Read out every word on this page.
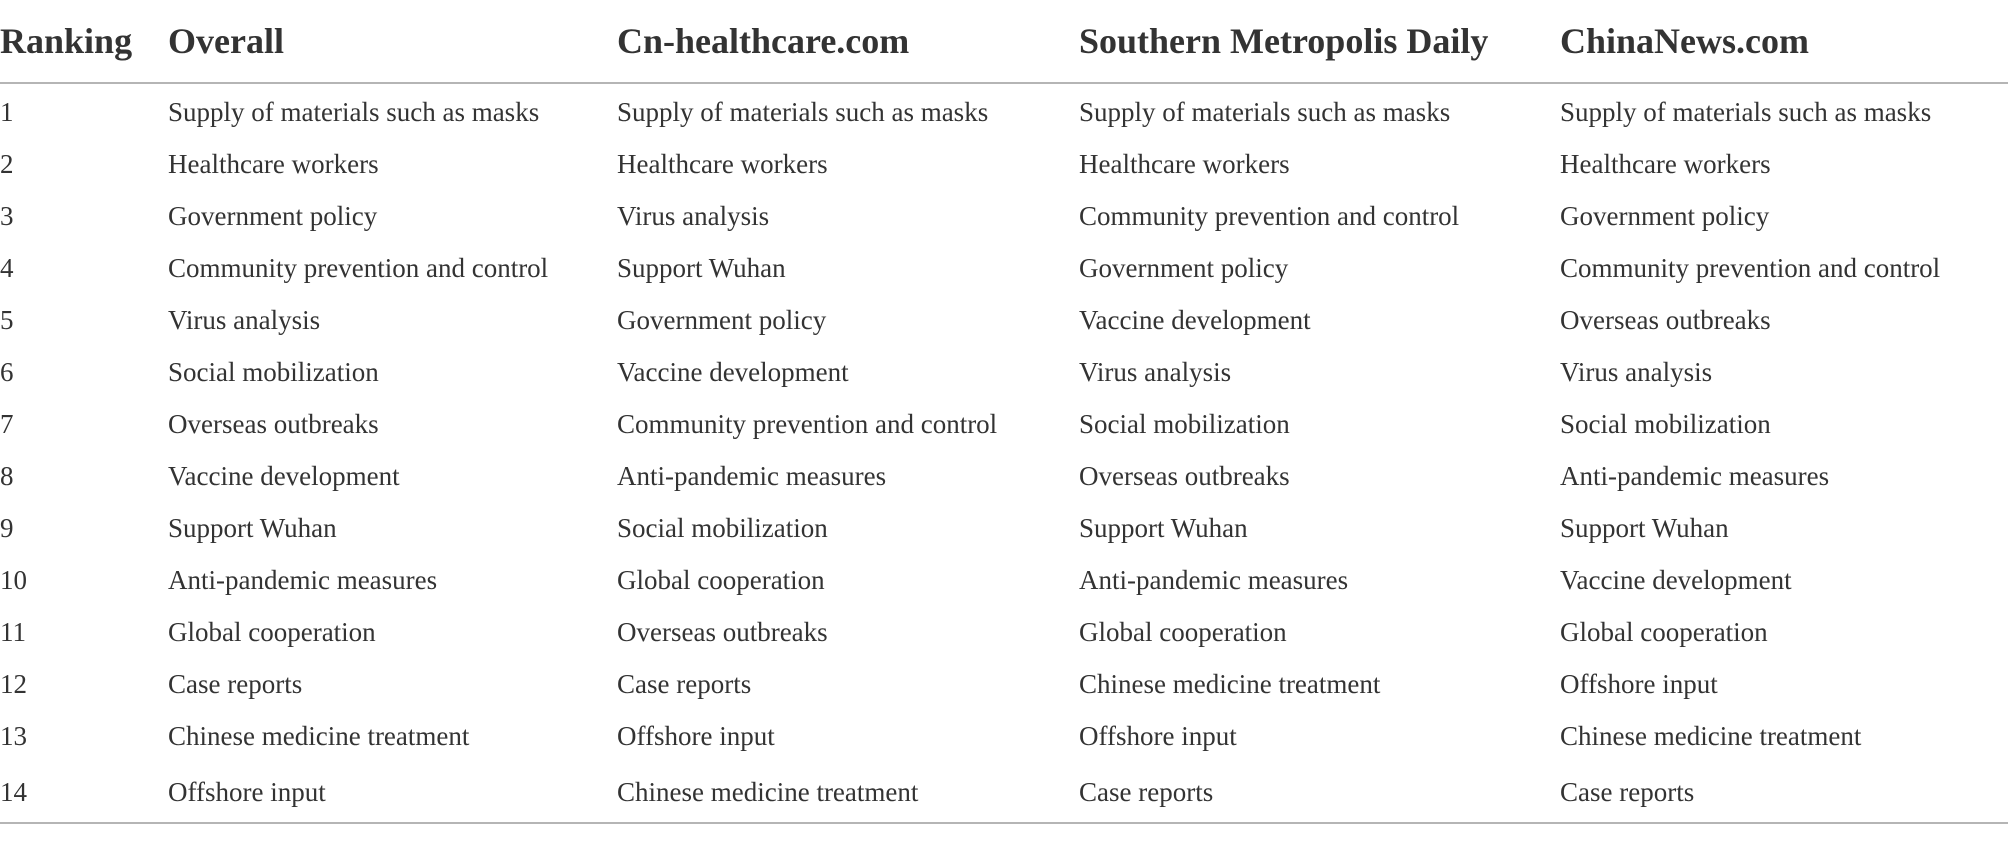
Ranking	Overall	Cn-healthcare.com	Southern Metropolis Daily	ChinaNews.com
1	Supply of materials such as masks	Supply of materials such as masks	Supply of materials such as masks	Supply of materials such as masks
2	Healthcare workers	Healthcare workers	Healthcare workers	Healthcare workers
3	Government policy	Virus analysis	Community prevention and control	Government policy
4	Community prevention and control	Support Wuhan	Government policy	Community prevention and control
5	Virus analysis	Government policy	Vaccine development	Overseas outbreaks
6	Social mobilization	Vaccine development	Virus analysis	Virus analysis
7	Overseas outbreaks	Community prevention and control	Social mobilization	Social mobilization
8	Vaccine development	Anti-pandemic measures	Overseas outbreaks	Anti-pandemic measures
9	Support Wuhan	Social mobilization	Support Wuhan	Support Wuhan
10	Anti-pandemic measures	Global cooperation	Anti-pandemic measures	Vaccine development
11	Global cooperation	Overseas outbreaks	Global cooperation	Global cooperation
12	Case reports	Case reports	Chinese medicine treatment	Offshore input
13	Chinese medicine treatment	Offshore input	Offshore input	Chinese medicine treatment
14	Offshore input	Chinese medicine treatment	Case reports	Case reports
